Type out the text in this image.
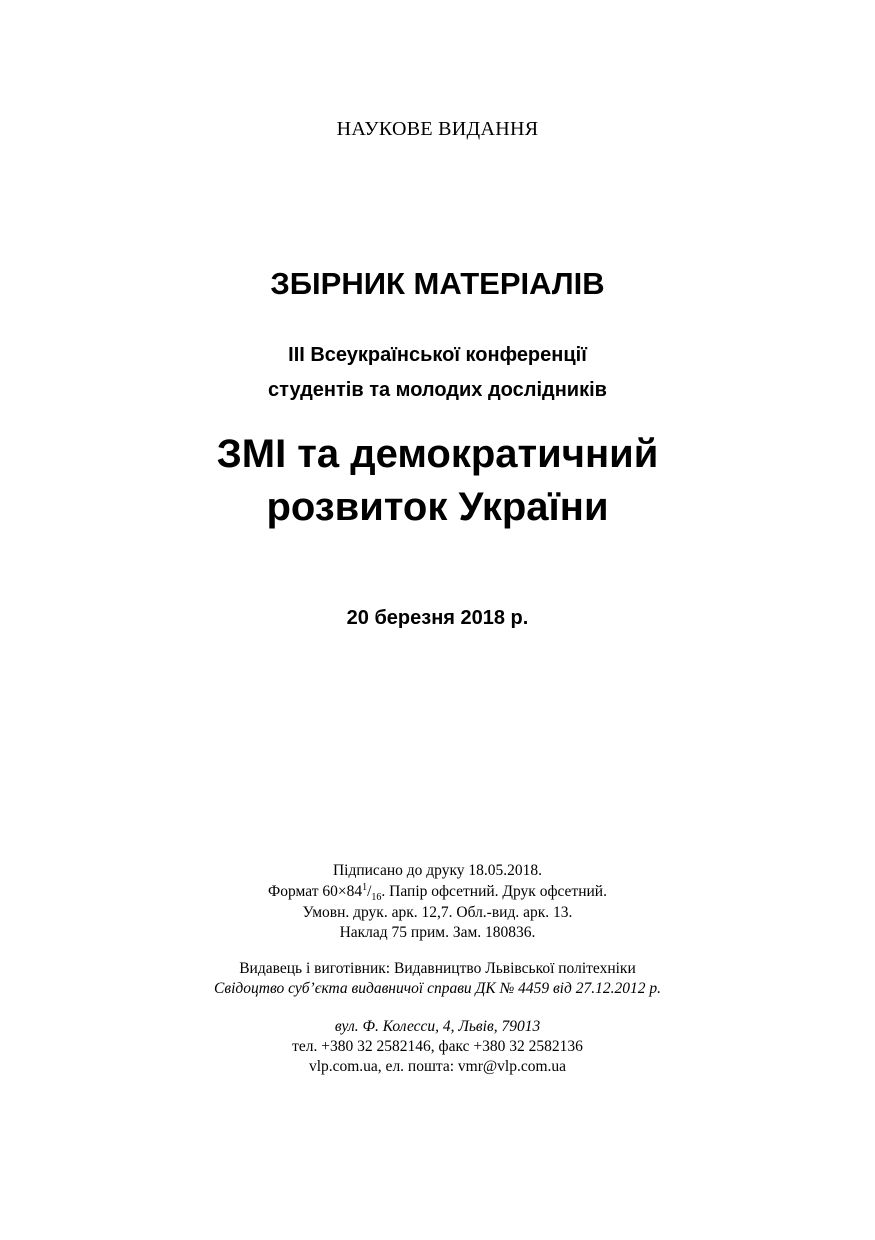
НАУКОВЕ ВИДАННЯ
ЗБІРНИК МАТЕРІАЛІВ
ІІІ Всеукраїнської конференції
студентів та молодих дослідників
ЗМІ та демократичний
розвиток України
20 березня 2018 р.
Підписано до друку 18.05.2018.
Формат $60\times 84^1/_{16}$. Папір офсетний. Друк офсетний.
Умовн. друк. арк. 12,7. Обл.-вид. арк. 13.
Наклад 75 прим. Зам. 180836.
Видавець і виготівник: Видавництво Львівської політехніки
Свідоцтво суб’єкта видавничої справи ДК № 4459 від 27.12.2012 р.
вул. Ф. Колесси, 4, Львів, 79013
тел. +380 32 2582146, факс +380 32 2582136
vlp.com.ua, ел. пошта: vmr@vlp.com.ua
